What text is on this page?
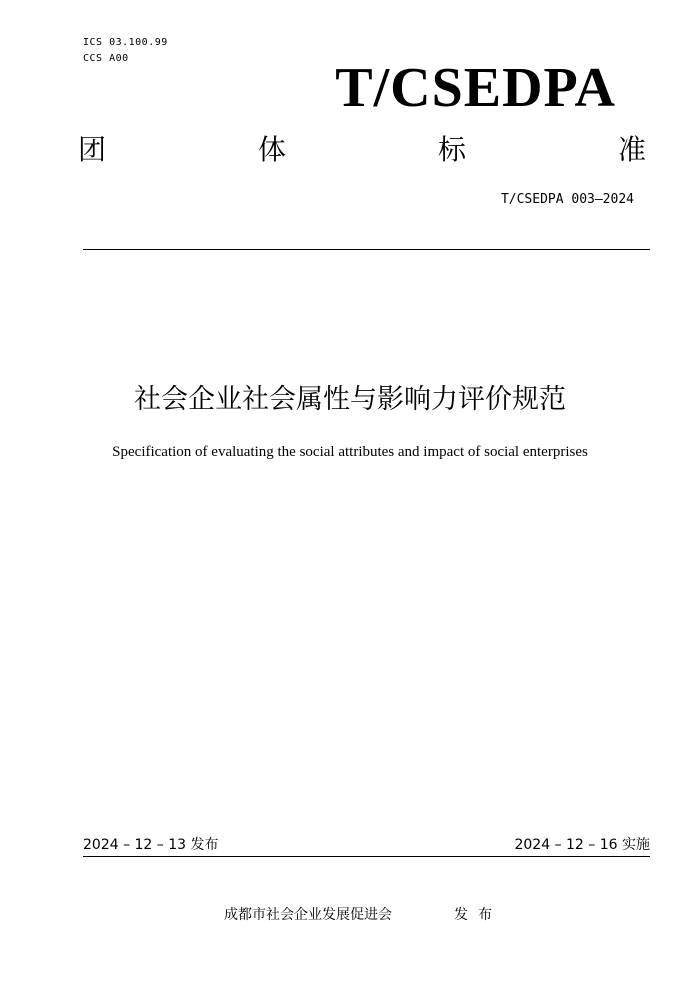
ICS 03.100.99
CCS A00	T/CSEDPA
团	体	标	准
T/CSEDPA 003—2024
社会企业社会属性与影响力评价规范
Specification of evaluating the social attributes and impact of social enterprises
2024 – 12 – 13 发布	2024 – 12 – 16 实施
成都市社会企业发展促进会	发布
